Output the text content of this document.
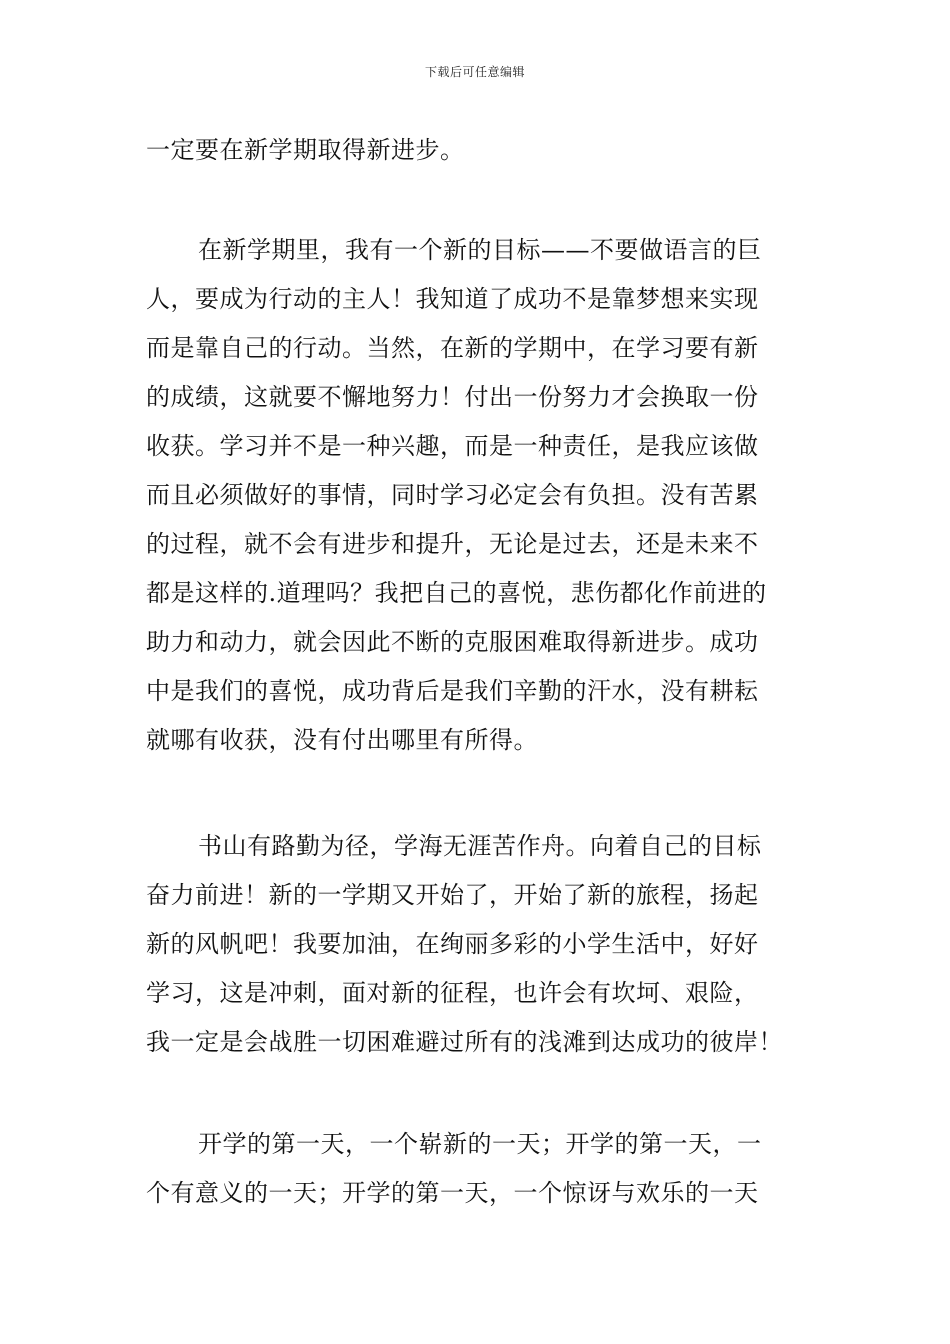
下载后可任意编辑
一定要在新学期取得新进步。
在新学期里，我有一个新的目标——不要做语言的巨
人，要成为行动的主人！我知道了成功不是靠梦想来实现
而是靠自己的行动。当然，在新的学期中，在学习要有新
的成绩，这就要不懈地努力！付出一份努力才会换取一份
收获。学习并不是一种兴趣，而是一种责任，是我应该做
而且必须做好的事情，同时学习必定会有负担。没有苦累
的过程，就不会有进步和提升，无论是过去，还是未来不
都是这样的.道理吗？我把自己的喜悦，悲伤都化作前进的
助力和动力，就会因此不断的克服困难取得新进步。成功
中是我们的喜悦，成功背后是我们辛勤的汗水，没有耕耘
就哪有收获，没有付出哪里有所得。
书山有路勤为径，学海无涯苦作舟。向着自己的目标
奋力前进！新的一学期又开始了，开始了新的旅程，扬起
新的风帆吧！我要加油，在绚丽多彩的小学生活中，好好
学习，这是冲刺，面对新的征程，也许会有坎坷、艰险，
我一定是会战胜一切困难避过所有的浅滩到达成功的彼岸！
开学的第一天，一个崭新的一天；开学的第一天，一
个有意义的一天；开学的第一天，一个惊讶与欢乐的一天
